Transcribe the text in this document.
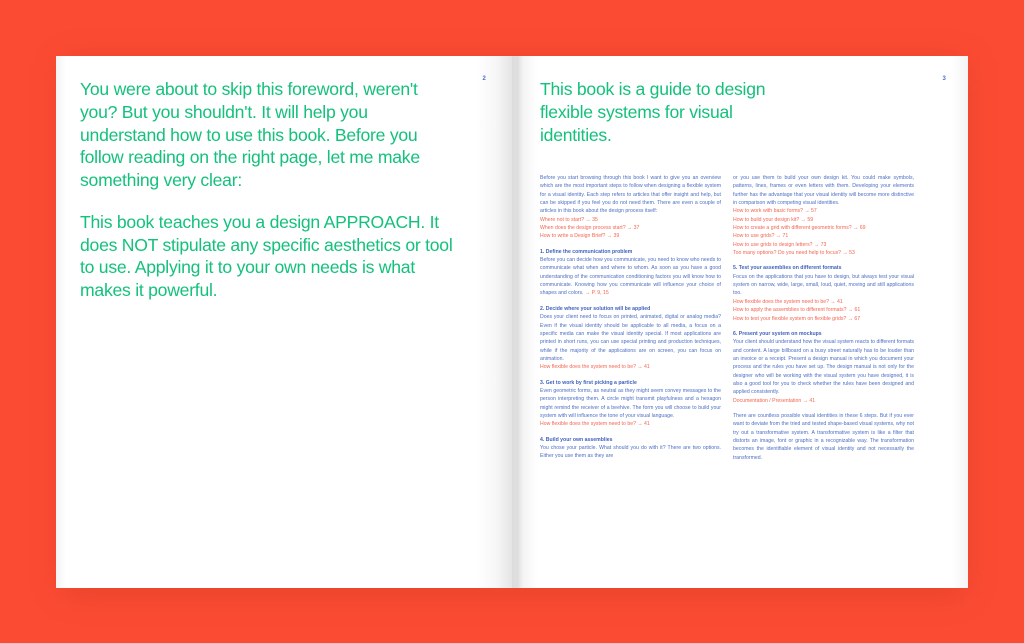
2

You were about to skip this foreword, weren't you? But you shouldn't. It will help you understand how to use this book. Before you follow reading on the right page, let me make something very clear:

This book teaches you a design APPROACH. It does NOT stipulate any specific aesthetics or tool to use. Applying it to your own needs is what makes it powerful.

3

This book is a guide to design flexible systems for visual identities.

Before you start browsing through this book I want to give you an overview which are the most important steps to follow when designing a flexible system for a visual identity. Each step refers to articles that offer insight and help, but can be skipped if you feel you do not need them. There are even a couple of articles in this book about the design process itself:

Where not to start? → 35

When does the design process start? → 37

How to write a Design Brief? → 39

1. Define the communication problem

Before you can decide how you communicate, you need to know who needs to communicate what when and where to whom. As soon as you have a good understanding of the communication conditioning factors you will know how to communicate. Knowing how you communicate will influence your choice of shapes and colors. → P. 9, 15

2. Decide where your solution will be applied

Does your client need to focus on printed, animated, digital or analog media? Even if the visual identity should be applicable to all media, a focus on a specific media can make the visual identity special. If most applications are printed in short runs, you can use special printing and production techniques, while if the majority of the applications are on screen, you can focus on animation.

How flexible does the system need to be? → 41

3. Get to work by first picking a particle

Even geometric forms, as neutral as they might seem convey messages to the person interpreting them. A circle might transmit playfulness and a hexagon might remind the receiver of a beehive. The form you will choose to build your system with will influence the tone of your visual language.

How flexible does the system need to be? → 41

4. Build your own assemblies

You chose your particle. What should you do with it? There are two options. Either you use them as they are

or you use them to build your own design kit. You could make symbols, patterns, lines, frames or even letters with them. Developing your elements further has the advantage that your visual identity will become more distinctive in comparison with competing visual identities.

How to work with basic forms? → 57

How to build your design kit? → 59

How to create a grid with different geometric forms? → 69

How to use grids? → 71

How to use grids to design letters? → 73

Too many options? Do you need help to focus? → 53

5. Test your assemblies on different formats

Focus on the applications that you have to design, but always test your visual system on narrow, wide, large, small, loud, quiet, moving and still applications too.

How flexible does the system need to be? → 41

How to apply the assemblies to different formats? → 61

How to test your flexible system on flexible grids? → 67

6. Present your system on mockups

Your client should understand how the visual system reacts to different formats and content. A large billboard on a busy street naturally has to be louder than an invoice or a receipt. Present a design manual in which you document your process and the rules you have set up. The design manual is not only for the designer who will be working with the visual system you have designed, it is also a good tool for you to check whether the rules have been designed and applied consistently.

Documentation / Presentation → 41

There are countless possible visual identities in these 6 steps. But if you ever want to deviate from the tried and tested shape-based visual systems, why not try out a transformative system. A transformative system is like a filter that distorts an image, font or graphic in a recognizable way. The transformation becomes the identifiable element of visual identity and not necessarily the transformed.
